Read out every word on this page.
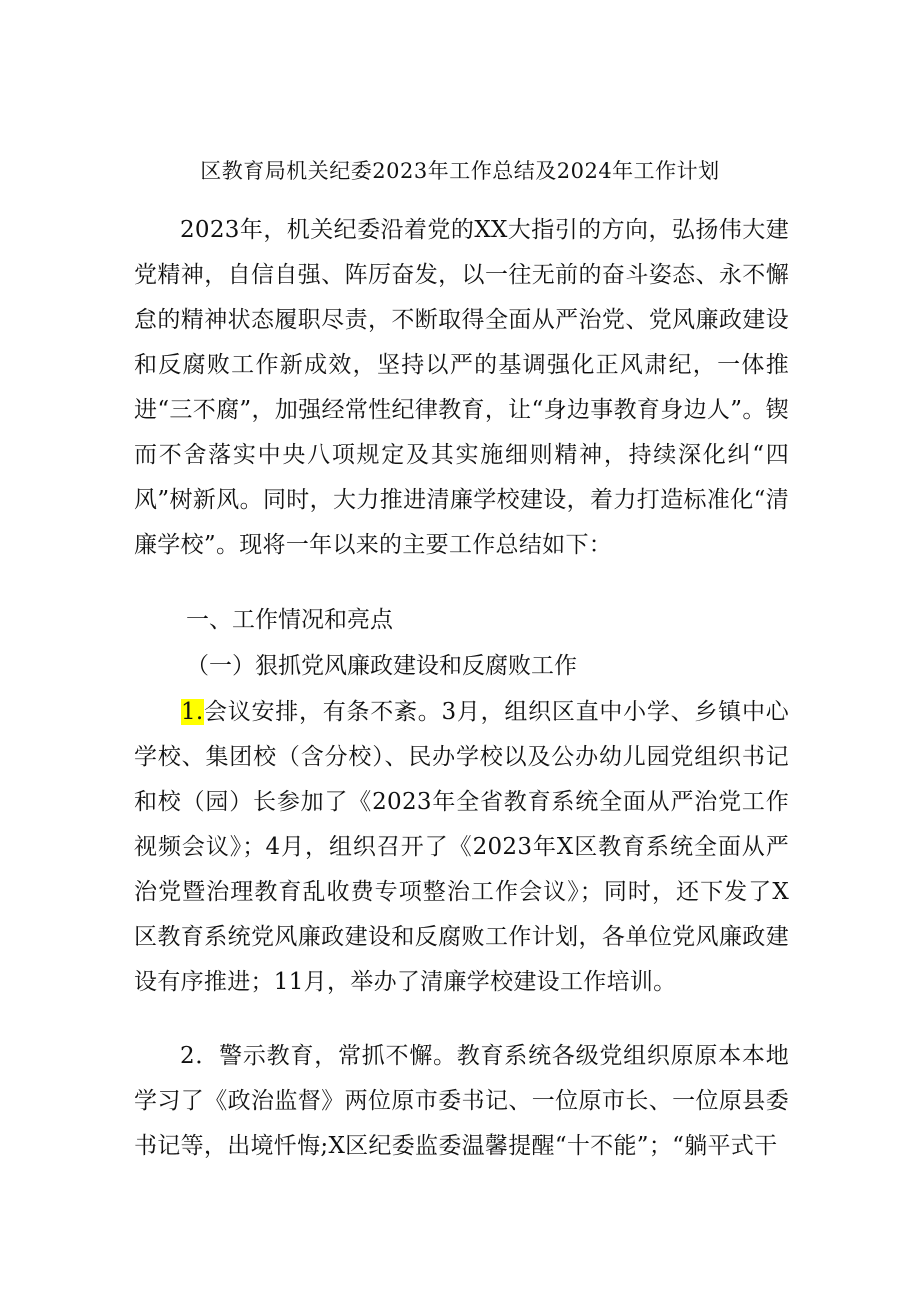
区教育局机关纪委2023年工作总结及2024年工作计划

2023年，机关纪委沿着党的XX大指引的方向，弘扬伟大建党精神，自信自强、阵厉奋发，以一往无前的奋斗姿态、永不懈怠的精神状态履职尽责，不断取得全面从严治党、党风廉政建设和反腐败工作新成效，坚持以严的基调强化正风肃纪，一体推进“三不腐”，加强经常性纪律教育，让“身边事教育身边人”。锲而不舍落实中央八项规定及其实施细则精神，持续深化纠“四风”树新风。同时，大力推进清廉学校建设，着力打造标准化“清廉学校”。现将一年以来的主要工作总结如下：

一、工作情况和亮点

（一）狠抓党风廉政建设和反腐败工作

1.会议安排，有条不紊。3月，组织区直中小学、乡镇中心学校、集团校（含分校）、民办学校以及公办幼儿园党组织书记和校（园）长参加了《2023年全省教育系统全面从严治党工作视频会议》；4月，组织召开了《2023年X区教育系统全面从严治党暨治理教育乱收费专项整治工作会议》；同时，还下发了X区教育系统党风廉政建设和反腐败工作计划，各单位党风廉政建设有序推进；11月，举办了清廉学校建设工作培训。

2．警示教育，常抓不懈。教育系统各级党组织原原本本地学习了《政治监督》两位原市委书记、一位原市长、一位原县委书记等，出境忏悔;X区纪委监委温馨提醒“十不能”；“躺平式干
